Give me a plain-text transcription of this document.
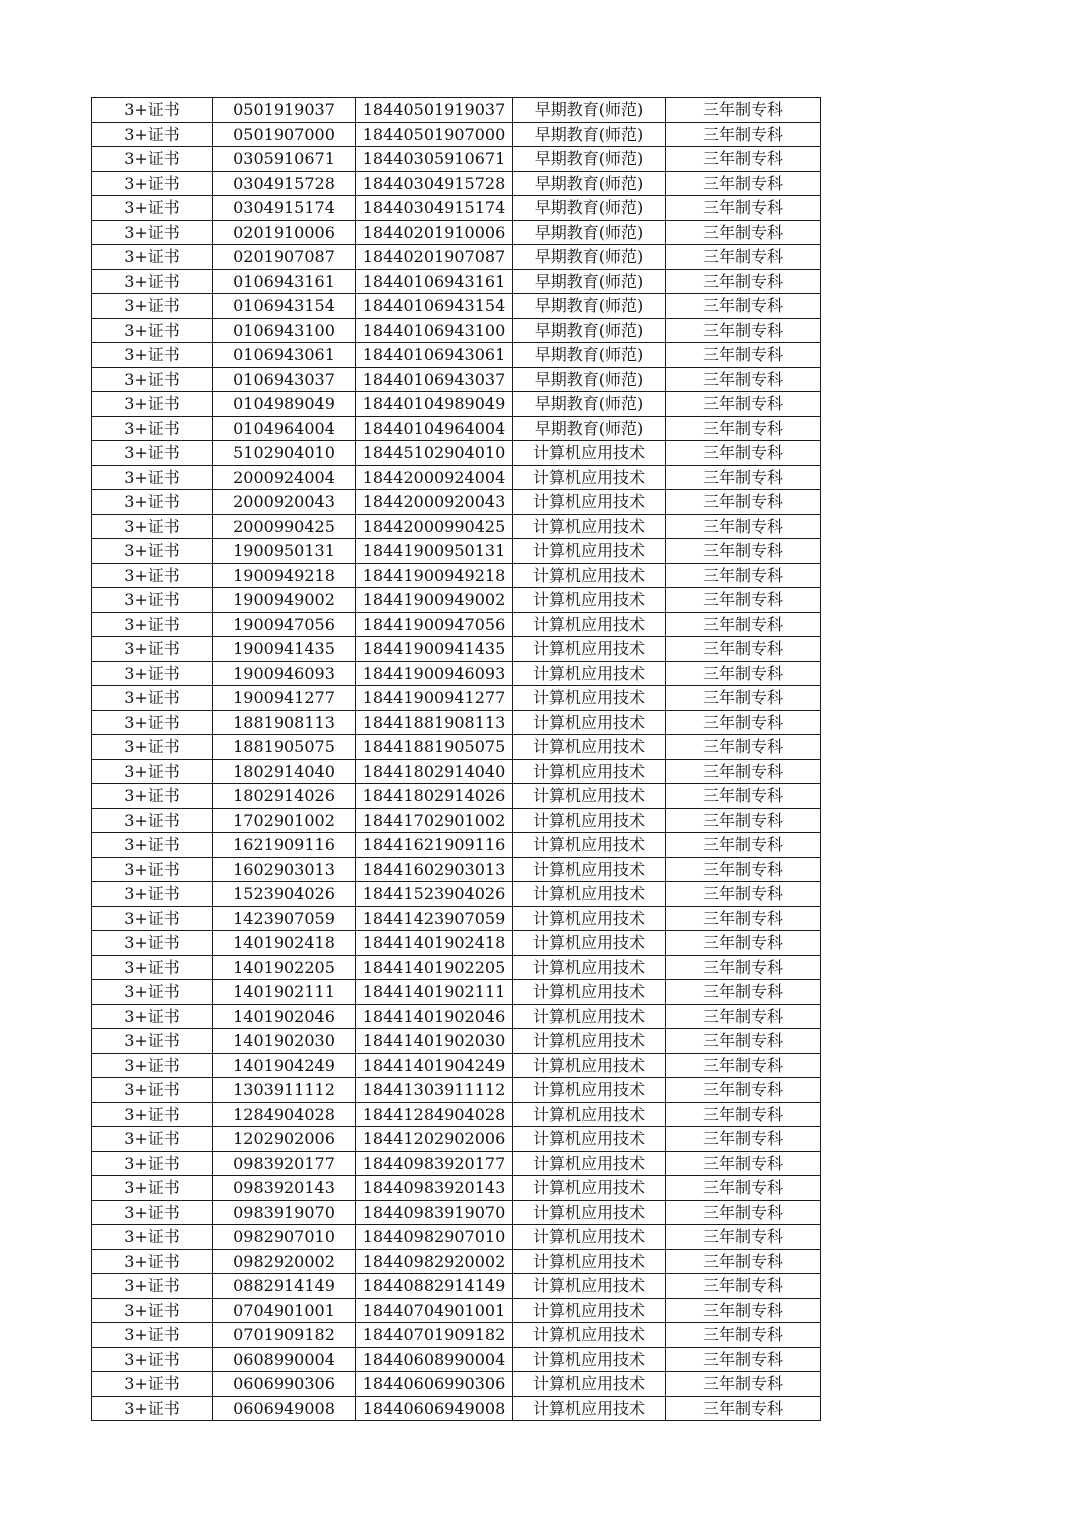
3+证书	0501919037	18440501919037	早期教育(师范)	三年制专科
3+证书	0501907000	18440501907000	早期教育(师范)	三年制专科
3+证书	0305910671	18440305910671	早期教育(师范)	三年制专科
3+证书	0304915728	18440304915728	早期教育(师范)	三年制专科
3+证书	0304915174	18440304915174	早期教育(师范)	三年制专科
3+证书	0201910006	18440201910006	早期教育(师范)	三年制专科
3+证书	0201907087	18440201907087	早期教育(师范)	三年制专科
3+证书	0106943161	18440106943161	早期教育(师范)	三年制专科
3+证书	0106943154	18440106943154	早期教育(师范)	三年制专科
3+证书	0106943100	18440106943100	早期教育(师范)	三年制专科
3+证书	0106943061	18440106943061	早期教育(师范)	三年制专科
3+证书	0106943037	18440106943037	早期教育(师范)	三年制专科
3+证书	0104989049	18440104989049	早期教育(师范)	三年制专科
3+证书	0104964004	18440104964004	早期教育(师范)	三年制专科
3+证书	5102904010	18445102904010	计算机应用技术	三年制专科
3+证书	2000924004	18442000924004	计算机应用技术	三年制专科
3+证书	2000920043	18442000920043	计算机应用技术	三年制专科
3+证书	2000990425	18442000990425	计算机应用技术	三年制专科
3+证书	1900950131	18441900950131	计算机应用技术	三年制专科
3+证书	1900949218	18441900949218	计算机应用技术	三年制专科
3+证书	1900949002	18441900949002	计算机应用技术	三年制专科
3+证书	1900947056	18441900947056	计算机应用技术	三年制专科
3+证书	1900941435	18441900941435	计算机应用技术	三年制专科
3+证书	1900946093	18441900946093	计算机应用技术	三年制专科
3+证书	1900941277	18441900941277	计算机应用技术	三年制专科
3+证书	1881908113	18441881908113	计算机应用技术	三年制专科
3+证书	1881905075	18441881905075	计算机应用技术	三年制专科
3+证书	1802914040	18441802914040	计算机应用技术	三年制专科
3+证书	1802914026	18441802914026	计算机应用技术	三年制专科
3+证书	1702901002	18441702901002	计算机应用技术	三年制专科
3+证书	1621909116	18441621909116	计算机应用技术	三年制专科
3+证书	1602903013	18441602903013	计算机应用技术	三年制专科
3+证书	1523904026	18441523904026	计算机应用技术	三年制专科
3+证书	1423907059	18441423907059	计算机应用技术	三年制专科
3+证书	1401902418	18441401902418	计算机应用技术	三年制专科
3+证书	1401902205	18441401902205	计算机应用技术	三年制专科
3+证书	1401902111	18441401902111	计算机应用技术	三年制专科
3+证书	1401902046	18441401902046	计算机应用技术	三年制专科
3+证书	1401902030	18441401902030	计算机应用技术	三年制专科
3+证书	1401904249	18441401904249	计算机应用技术	三年制专科
3+证书	1303911112	18441303911112	计算机应用技术	三年制专科
3+证书	1284904028	18441284904028	计算机应用技术	三年制专科
3+证书	1202902006	18441202902006	计算机应用技术	三年制专科
3+证书	0983920177	18440983920177	计算机应用技术	三年制专科
3+证书	0983920143	18440983920143	计算机应用技术	三年制专科
3+证书	0983919070	18440983919070	计算机应用技术	三年制专科
3+证书	0982907010	18440982907010	计算机应用技术	三年制专科
3+证书	0982920002	18440982920002	计算机应用技术	三年制专科
3+证书	0882914149	18440882914149	计算机应用技术	三年制专科
3+证书	0704901001	18440704901001	计算机应用技术	三年制专科
3+证书	0701909182	18440701909182	计算机应用技术	三年制专科
3+证书	0608990004	18440608990004	计算机应用技术	三年制专科
3+证书	0606990306	18440606990306	计算机应用技术	三年制专科
3+证书	0606949008	18440606949008	计算机应用技术	三年制专科
